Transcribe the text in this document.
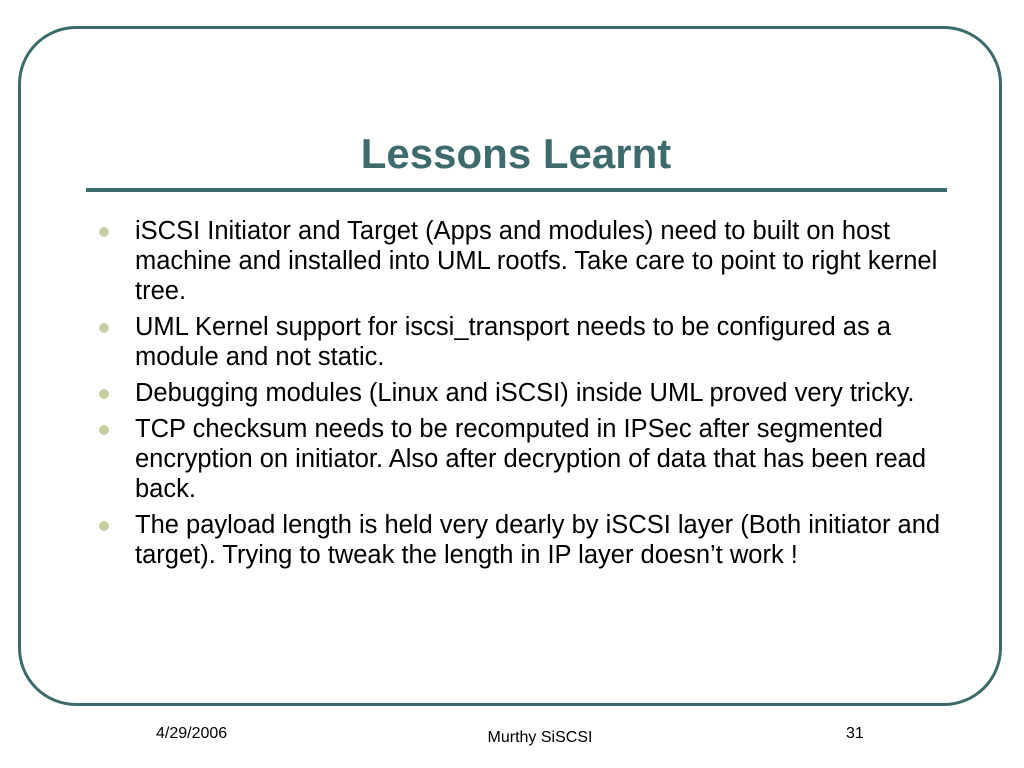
Lessons Learnt
iSCSI Initiator and Target (Apps and modules) need to built on host machine and installed into UML rootfs. Take care to point to right kernel tree.
UML Kernel support for iscsi_transport needs to be configured as a module and not static.
Debugging modules (Linux and iSCSI) inside UML proved very tricky.
TCP checksum needs to be recomputed in IPSec after segmented encryption on initiator. Also after decryption of data that has been read back.
The payload length is held very dearly by iSCSI layer (Both initiator and target). Trying to tweak the length in IP layer doesn’t work !
4/29/2006	Murthy SiSCSI	31
